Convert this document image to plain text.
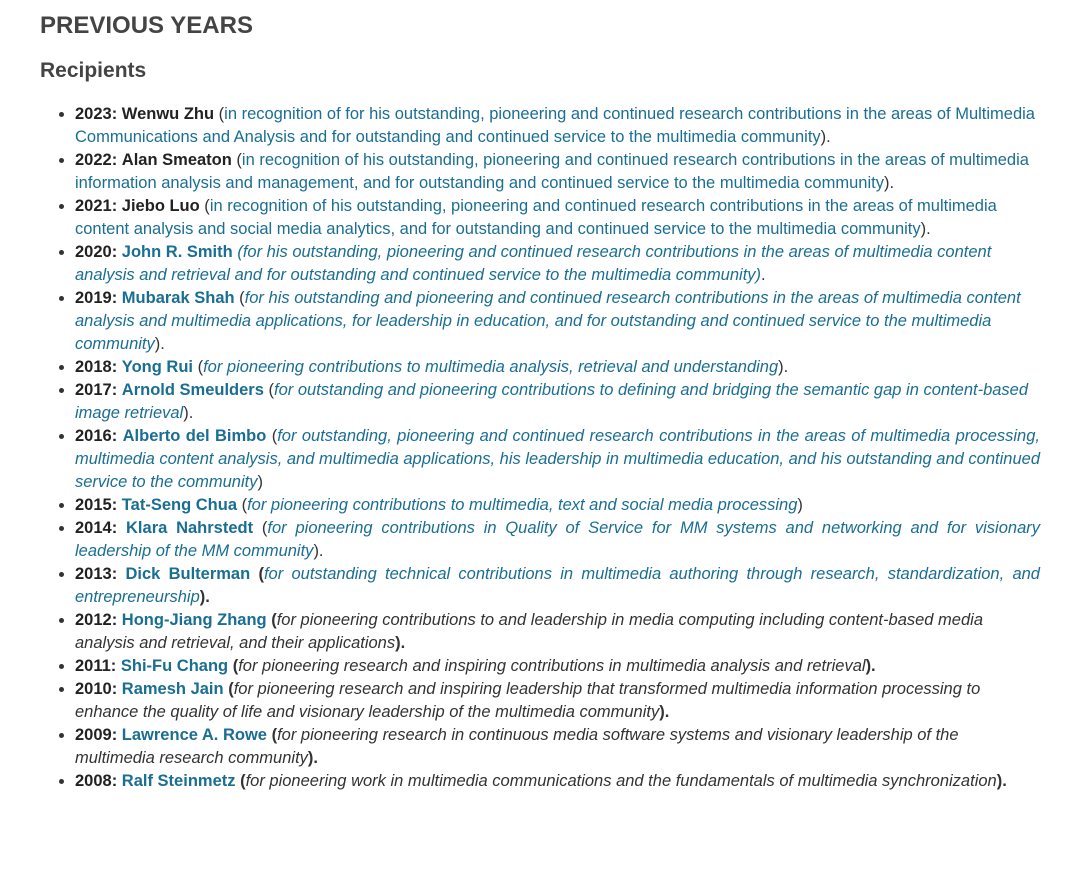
PREVIOUS YEARS
Recipients
• 2023: Wenwu Zhu (in recognition of for his outstanding, pioneering and continued research contributions in the areas of Multimedia Communications and Analysis and for outstanding and continued service to the multimedia community).
• 2022: Alan Smeaton (in recognition of his outstanding, pioneering and continued research contributions in the areas of multimedia information analysis and management, and for outstanding and continued service to the multimedia community).
• 2021: Jiebo Luo (in recognition of his outstanding, pioneering and continued research contributions in the areas of multimedia content analysis and social media analytics, and for outstanding and continued service to the multimedia community).
• 2020: John R. Smith (for his outstanding, pioneering and continued research contributions in the areas of multimedia content analysis and retrieval and for outstanding and continued service to the multimedia community).
• 2019: Mubarak Shah (for his outstanding and pioneering and continued research contributions in the areas of multimedia content analysis and multimedia applications, for leadership in education, and for outstanding and continued service to the multimedia community).
• 2018: Yong Rui (for pioneering contributions to multimedia analysis, retrieval and understanding).
• 2017: Arnold Smeulders (for outstanding and pioneering contributions to defining and bridging the semantic gap in content-based image retrieval).
• 2016: Alberto del Bimbo (for outstanding, pioneering and continued research contributions in the areas of multimedia processing, multimedia content analysis, and multimedia applications, his leadership in multimedia education, and his outstanding and continued service to the community)
• 2015: Tat-Seng Chua (for pioneering contributions to multimedia, text and social media processing)
• 2014: Klara Nahrstedt (for pioneering contributions in Quality of Service for MM systems and networking and for visionary leadership of the MM community).
• 2013: Dick Bulterman (for outstanding technical contributions in multimedia authoring through research, standardization, and entrepreneurship).
• 2012: Hong-Jiang Zhang (for pioneering contributions to and leadership in media computing including content-based media analysis and retrieval, and their applications).
• 2011: Shi-Fu Chang (for pioneering research and inspiring contributions in multimedia analysis and retrieval).
• 2010: Ramesh Jain (for pioneering research and inspiring leadership that transformed multimedia information processing to enhance the quality of life and visionary leadership of the multimedia community).
• 2009: Lawrence A. Rowe (for pioneering research in continuous media software systems and visionary leadership of the multimedia research community).
• 2008: Ralf Steinmetz (for pioneering work in multimedia communications and the fundamentals of multimedia synchronization).
